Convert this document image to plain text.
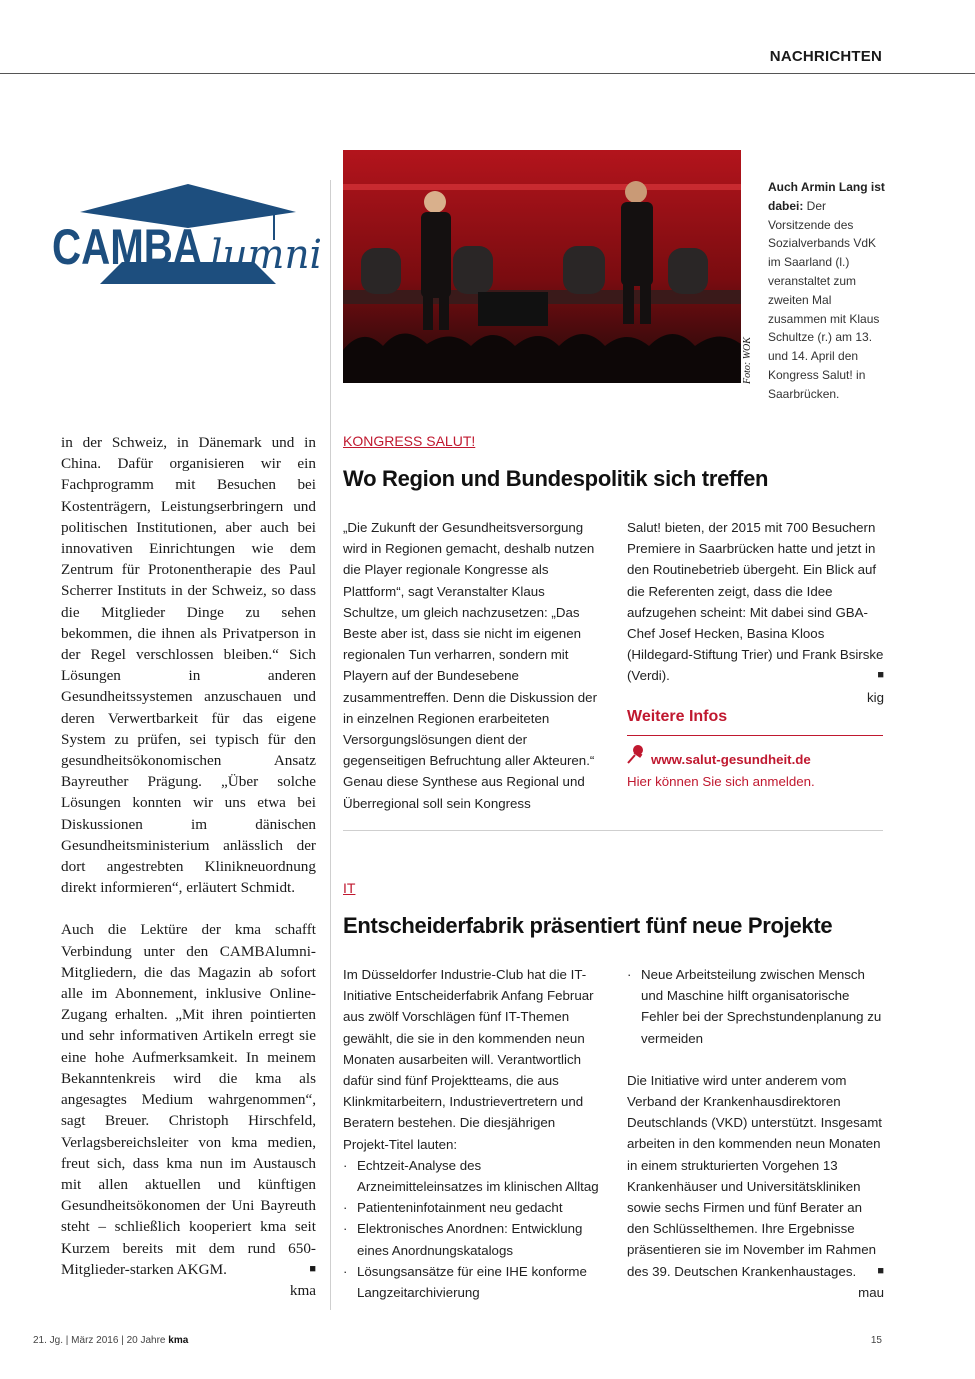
NACHRICHTEN
CAMBA lumni
Foto: WOK
Auch Armin Lang ist dabei: Der Vorsitzende des Sozialverbands VdK im Saarland (l.) veranstaltet zum zweiten Mal zusammen mit Klaus Schultze (r.) am 13. und 14. April den Kongress Salut! in Saarbrücken.

in der Schweiz, in Dänemark und in China. Dafür organisieren wir ein Fachprogramm mit Besuchen bei Kostenträgern, Leistungserbringern und politischen Institutionen, aber auch bei innovativen Einrichtungen wie dem Zentrum für Protonentherapie des Paul Scherrer Instituts in der Schweiz, so dass die Mitglieder Dinge zu sehen bekommen, die ihnen als Privatperson in der Regel verschlossen bleiben.“ Sich Lösungen in anderen Gesundheitssystemen anzuschauen und deren Verwertbarkeit für das eigene System zu prüfen, sei typisch für den gesundheitsökonomischen Ansatz Bayreuther Prägung. „Über solche Lösungen konnten wir uns etwa bei Diskussionen im dänischen Gesundheitsministerium anlässlich der dort angestrebten Klinikneuordnung direkt informieren“, erläutert Schmidt.

Auch die Lektüre der kma schafft Verbindung unter den CAMBAlumni-Mitgliedern, die das Magazin ab sofort alle im Abonnement, inklusive Online-Zugang erhalten. „Mit ihren pointierten und sehr informativen Artikeln erregt sie eine hohe Aufmerksamkeit. In meinem Bekanntenkreis wird die kma als angesagtes Medium wahrgenommen“, sagt Breuer. Christoph Hirschfeld, Verlagsbereichsleiter von kma medien, freut sich, dass kma nun im Austausch mit allen aktuellen und künftigen Gesundheitsökonomen der Uni Bayreuth steht – schließlich kooperiert kma seit Kurzem bereits mit dem rund 650-Mitglieder-starken AKGM.	■

kma

KONGRESS SALUT!
Wo Region und Bundespolitik sich treffen

„Die Zukunft der Gesundheitsversorgung wird in Regionen gemacht, deshalb nutzen die Player regionale Kongresse als Plattform“, sagt Veranstalter Klaus Schultze, um gleich nachzusetzen: „Das Beste aber ist, dass sie nicht im eigenen regionalen Tun verharren, sondern mit Playern auf der Bundesebene zusammentreffen. Denn die Diskussion der in einzelnen Regionen erarbeiteten Versorgungslösungen dient der gegenseitigen Befruchtung aller Akteuren.“ Genau diese Synthese aus Regional und Überregional soll sein Kongress

Salut! bieten, der 2015 mit 700 Besuchern Premiere in Saarbrücken hatte und jetzt in den Routinebetrieb übergeht. Ein Blick auf die Referenten zeigt, dass die Idee aufzugehen scheint: Mit dabei sind GBA-Chef Josef Hecken, Basina Kloos (Hildegard-Stiftung Trier) und Frank Bsirske (Verdi).	■

kig

Weitere Infos
www.salut-gesundheit.de
Hier können Sie sich anmelden.
IT
Entscheiderfabrik präsentiert fünf neue Projekte

Im Düsseldorfer Industrie-Club hat die IT-Initiative Entscheiderfabrik Anfang Februar aus zwölf Vorschlägen fünf IT-Themen gewählt, die sie in den kommenden neun Monaten ausarbeiten will. Verantwortlich dafür sind fünf Projektteams, die aus Klinkmitarbeitern, Industrievertretern und Beratern bestehen. Die diesjährigen Projekt-Titel lauten:

· Echtzeit-Analyse des Arzneimitteleinsatzes im klinischen Alltag
· Patienteninfotainment neu gedacht
· Elektronisches Anordnen: Entwicklung eines Anordnungskatalogs
· Lösungsansätze für eine IHE konforme Langzeitarchivierung
· Neue Arbeitsteilung zwischen Mensch und Maschine hilft organisatorische Fehler bei der Sprechstundenplanung zu vermeiden

Die Initiative wird unter anderem vom Verband der Krankenhausdirektoren Deutschlands (VKD) unterstützt. Insgesamt arbeiten in den kommenden neun Monaten in einem strukturierten Vorgehen 13 Krankenhäuser und Universitätskliniken sowie sechs Firmen und fünf Berater an den Schlüsselthemen. Ihre Ergebnisse präsentieren sie im November im Rahmen des 39. Deutschen Krankenhaustages. ■

mau

21. Jg. | März 2016 | 20 Jahre kma	15
